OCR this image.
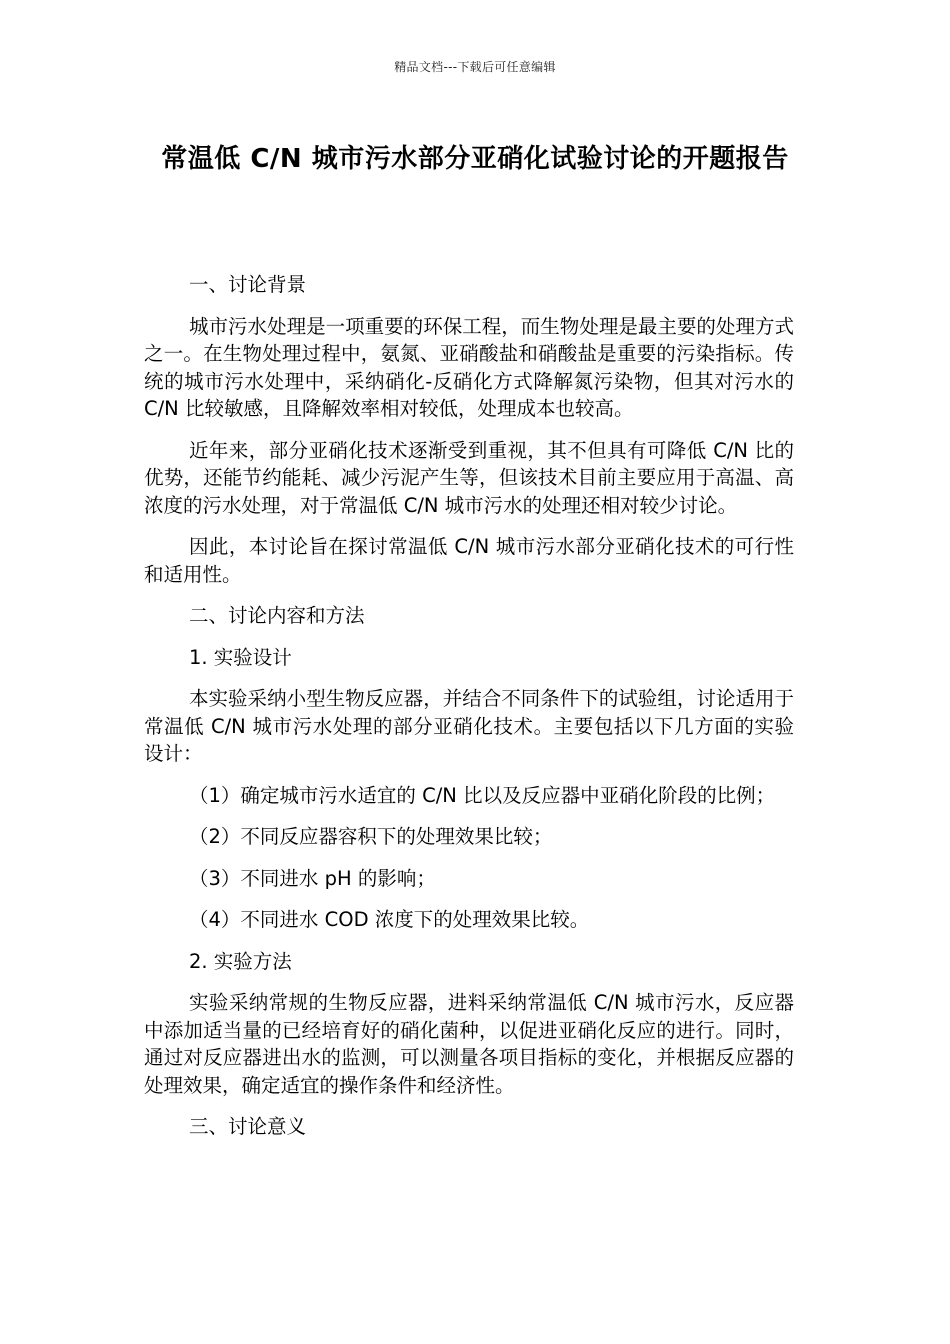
精品文档---下载后可任意编辑
常温低 C/N 城市污水部分亚硝化试验讨论的开题报告

一、讨论背景

城市污水处理是一项重要的环保工程，而生物处理是最主要的处理方式之一。在生物处理过程中，氨氮、亚硝酸盐和硝酸盐是重要的污染指标。传统的城市污水处理中，采纳硝化-反硝化方式降解氮污染物，但其对污水的 C/N 比较敏感，且降解效率相对较低，处理成本也较高。

近年来，部分亚硝化技术逐渐受到重视，其不但具有可降低 C/N 比的优势，还能节约能耗、减少污泥产生等，但该技术目前主要应用于高温、高浓度的污水处理，对于常温低 C/N 城市污水的处理还相对较少讨论。

因此，本讨论旨在探讨常温低 C/N 城市污水部分亚硝化技术的可行性和适用性。

二、讨论内容和方法

1. 实验设计

本实验采纳小型生物反应器，并结合不同条件下的试验组，讨论适用于常温低 C/N 城市污水处理的部分亚硝化技术。主要包括以下几方面的实验设计：

（1）确定城市污水适宜的 C/N 比以及反应器中亚硝化阶段的比例；

（2）不同反应器容积下的处理效果比较；

（3）不同进水 pH 的影响；

（4）不同进水 COD 浓度下的处理效果比较。

2. 实验方法

实验采纳常规的生物反应器，进料采纳常温低 C/N 城市污水，反应器中添加适当量的已经培育好的硝化菌种，以促进亚硝化反应的进行。同时，通过对反应器进出水的监测，可以测量各项目指标的变化，并根据反应器的处理效果，确定适宜的操作条件和经济性。

三、讨论意义
